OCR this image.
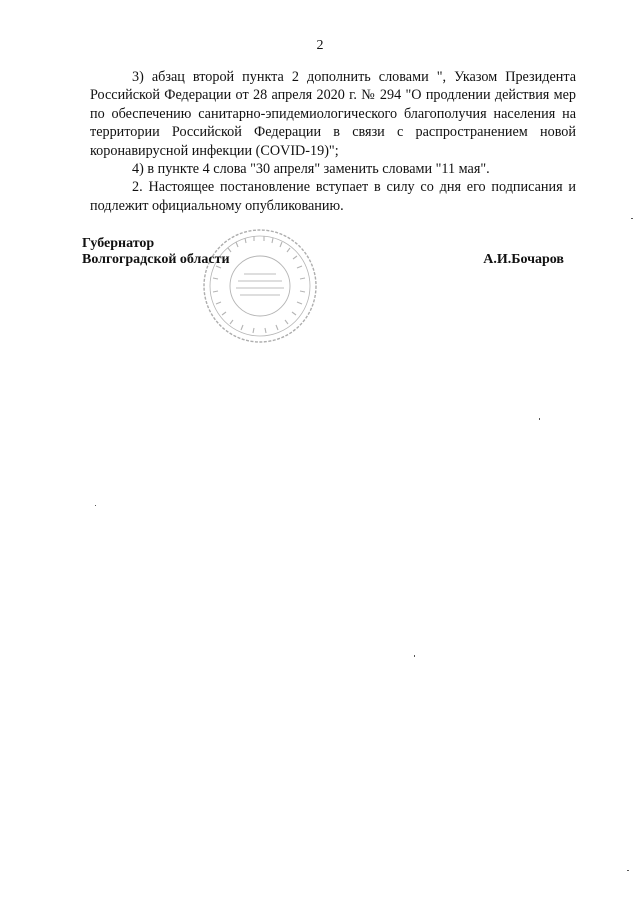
2

3) абзац второй пункта 2 дополнить словами ", Указом Президента Российской Федерации от 28 апреля 2020 г. № 294 "О продлении действия мер по обеспечению санитарно-эпидемиологического благополучия населения на территории Российской Федерации в связи с распространением новой коронавирусной инфекции (COVID-19)";

4) в пункте 4 слова "30 апреля" заменить словами "11 мая".

2. Настоящее постановление вступает в силу со дня его подписания и подлежит официальному опубликованию.

Губернатор
Волгоградской области	А.И.Бочаров
